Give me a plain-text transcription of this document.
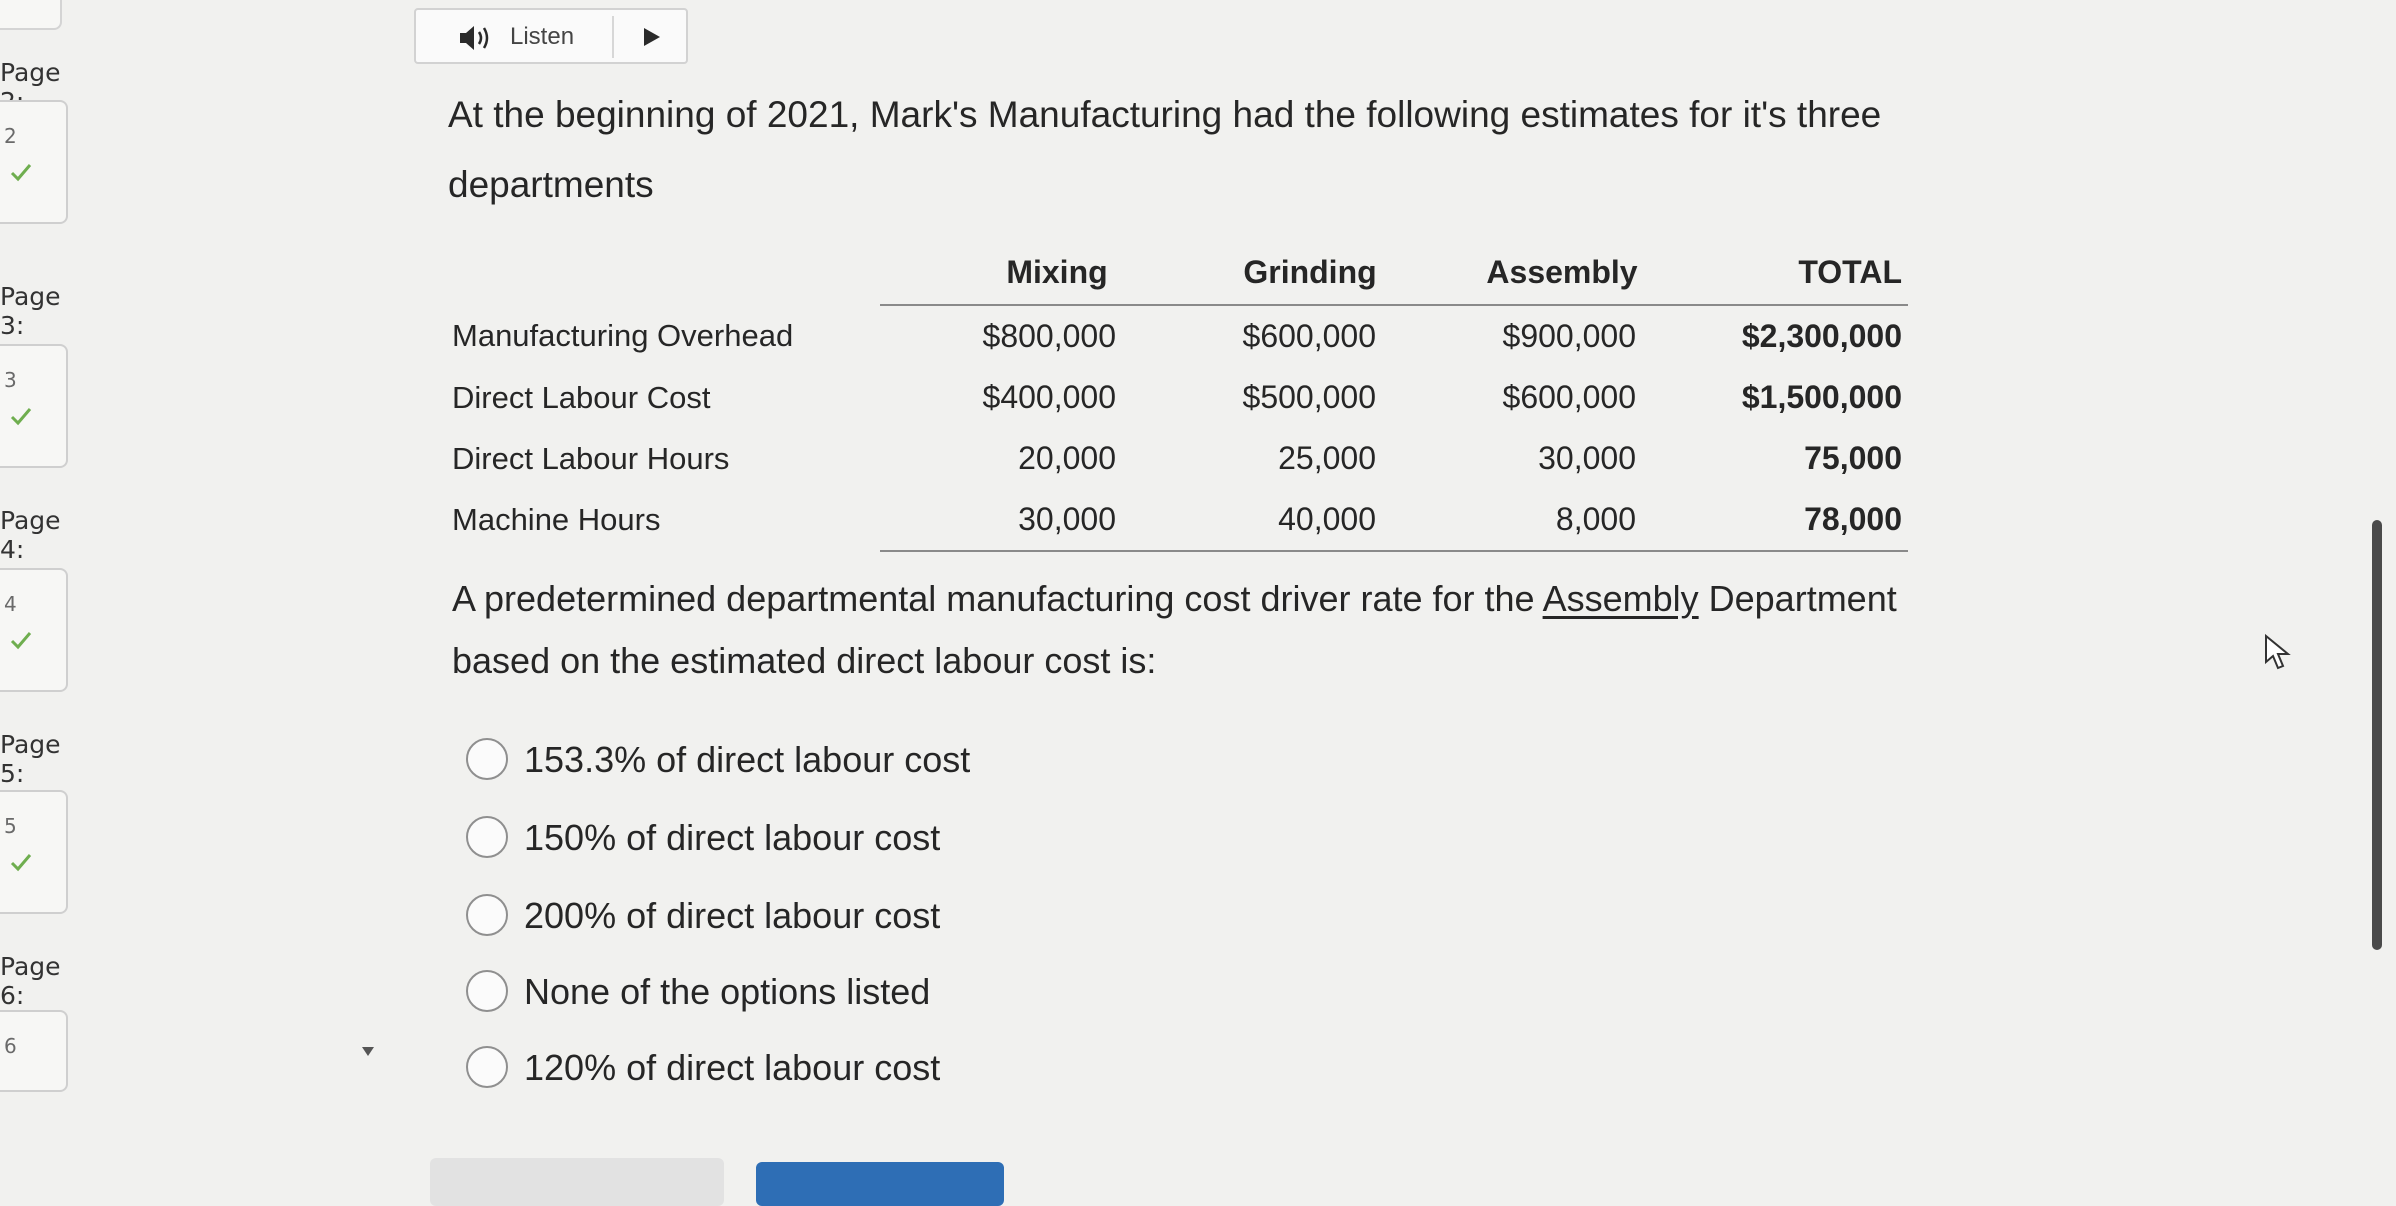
Page
2
Page 3:
3
Page 4:
4
Page 5:
5
Page 6:
6
Listen
At the beginning of 2021, Mark's Manufacturing had the following estimates for it's three departments
	Mixing	Grinding	Assembly	TOTAL
Manufacturing Overhead	$800,000	$600,000	$900,000	$2,300,000
Direct Labour Cost	$400,000	$500,000	$600,000	$1,500,000
Direct Labour Hours	20,000	25,000	30,000	75,000
Machine Hours	30,000	40,000	8,000	78,000
A predetermined departmental manufacturing cost driver rate for the Assembly Department based on the estimated direct labour cost is:
153.3% of direct labour cost
150% of direct labour cost
200% of direct labour cost
None of the options listed
120% of direct labour cost
